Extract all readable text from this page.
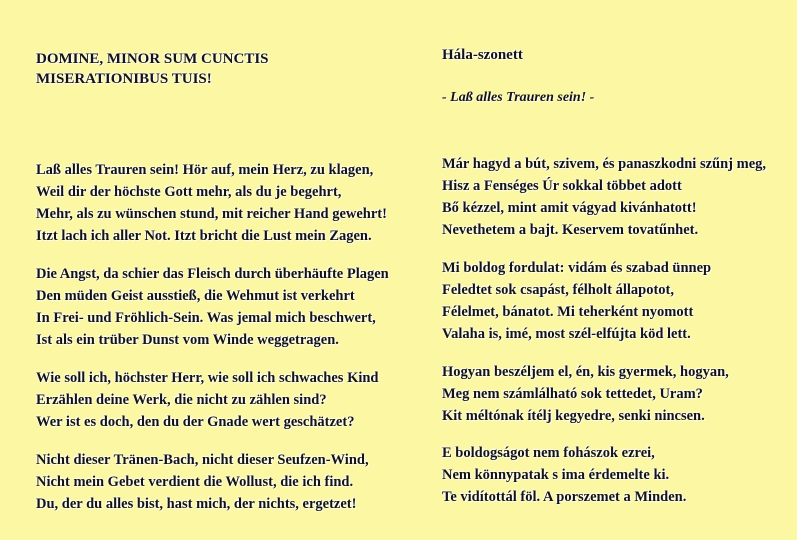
DOMINE, MINOR SUM CUNCTIS
MISERATIONIBUS TUIS!
Laß alles Trauren sein! Hör auf, mein Herz, zu klagen,
Weil dir der höchste Gott mehr, als du je begehrt,
Mehr, als zu wünschen stund, mit reicher Hand gewehrt!
Itzt lach ich aller Not. Itzt bricht die Lust mein Zagen.
Die Angst, da schier das Fleisch durch überhäufte Plagen
Den müden Geist ausstieß, die Wehmut ist verkehrt
In Frei- und Fröhlich-Sein. Was jemal mich beschwert,
Ist als ein trüber Dunst vom Winde weggetragen.
Wie soll ich, höchster Herr, wie soll ich schwaches Kind
Erzählen deine Werk, die nicht zu zählen sind?
Wer ist es doch, den du der Gnade wert geschätzet?
Nicht dieser Tränen-Bach, nicht dieser Seufzen-Wind,
Nicht mein Gebet verdient die Wollust, die ich find.
Du, der du alles bist, hast mich, der nichts, ergetzet!
Hála-szonett
- Laß alles Trauren sein! -
Már hagyd a bút, szivem, és panaszkodni szűnj meg,
Hisz a Fenséges Úr sokkal többet adott
Bő kézzel, mint amit vágyad kivánhatott!
Nevethetem a bajt. Keservem tovatűnhet.
Mi boldog fordulat: vidám és szabad ünnep
Feledtet sok csapást, félholt állapotot,
Félelmet, bánatot. Mi teherként nyomott
Valaha is, imé, most szél-elfújta köd lett.
Hogyan beszéljem el, én, kis gyermek, hogyan,
Meg nem számlálható sok tettedet, Uram?
Kit méltónak ítélj kegyedre, senki nincsen.
E boldogságot nem fohászok ezrei,
Nem könnypatak s ima érdemelte ki.
Te vidítottál föl. A porszemet a Minden.
